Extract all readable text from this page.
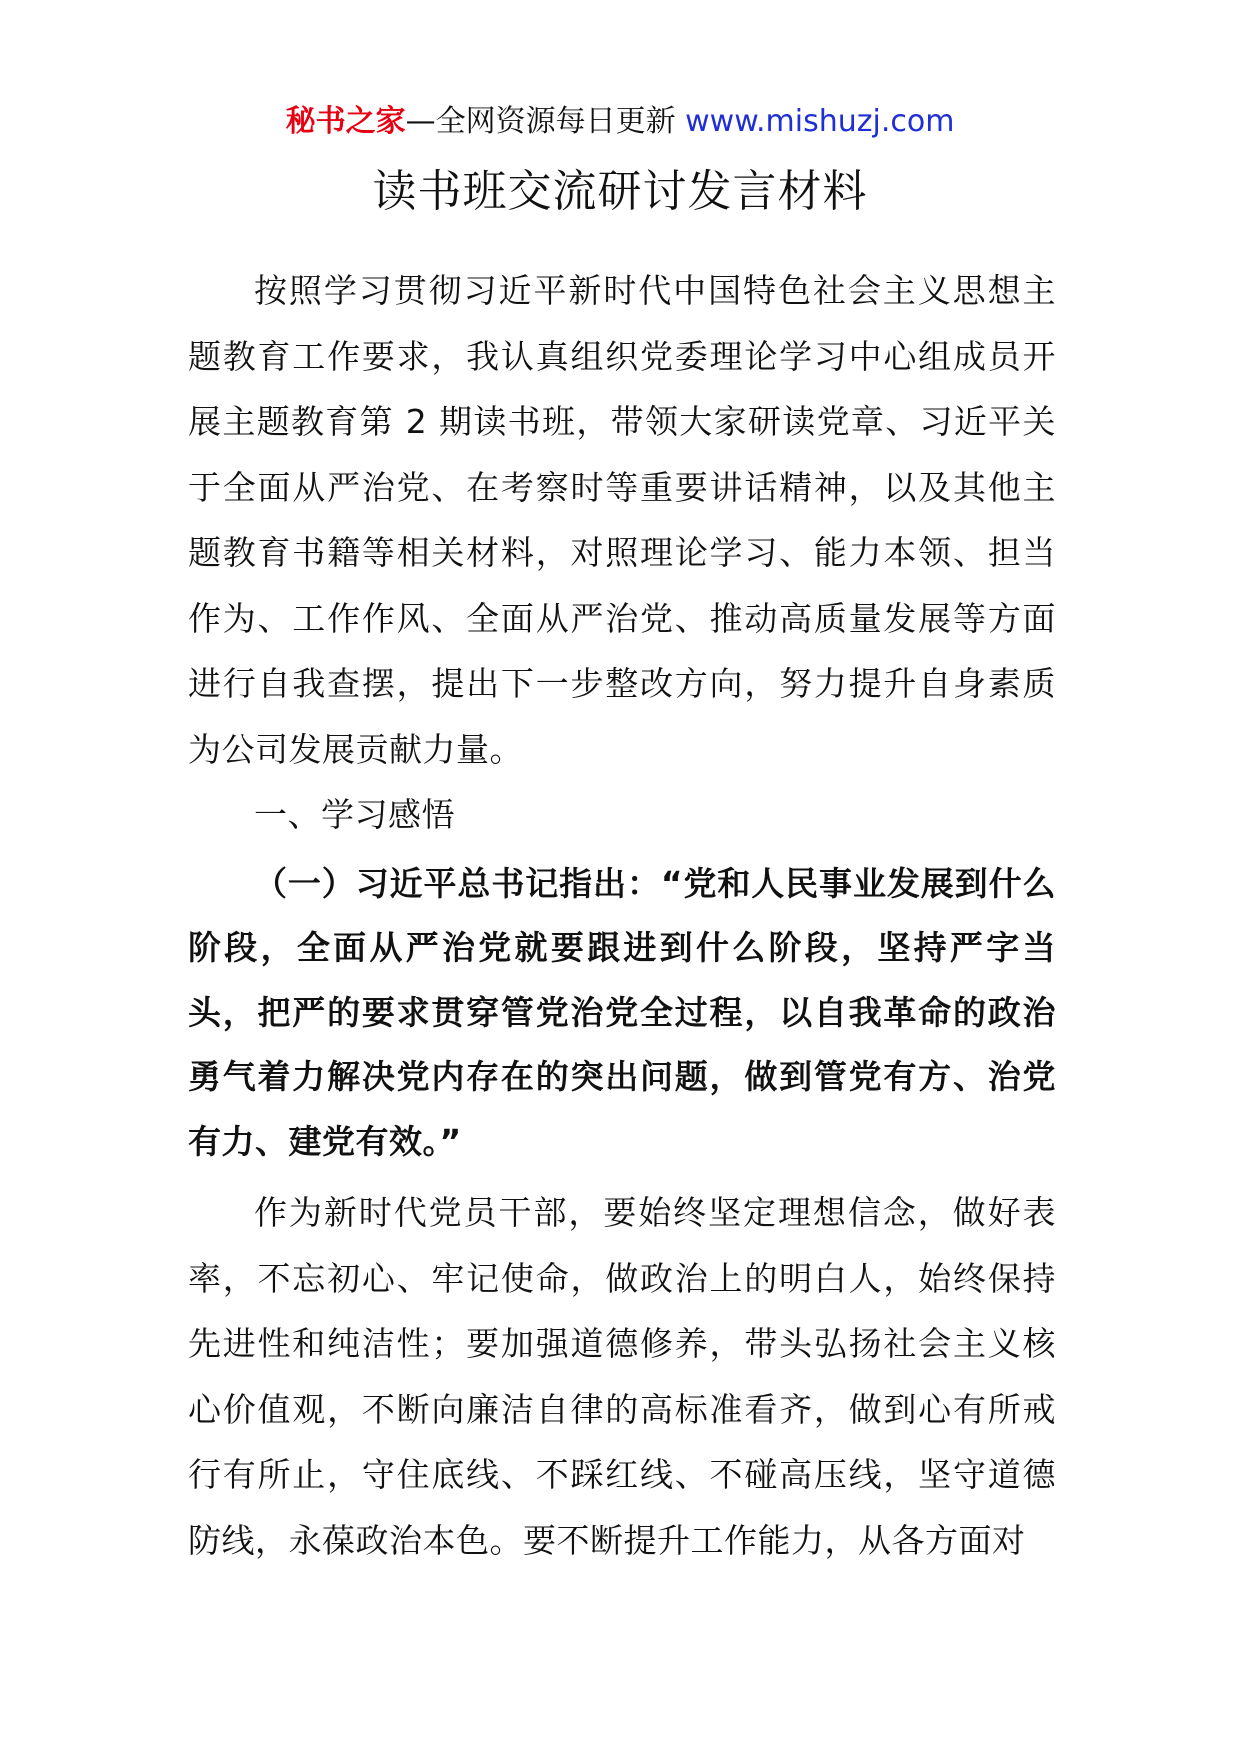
秘书之家—全网资源每日更新 www.mishuzj.com
读书班交流研讨发言材料

按照学习贯彻习近平新时代中国特色社会主义思想主题教育工作要求，我认真组织党委理论学习中心组成员开展主题教育第 2 期读书班，带领大家研读党章、习近平关于全面从严治党、在考察时等重要讲话精神，以及其他主题教育书籍等相关材料，对照理论学习、能力本领、担当作为、工作作风、全面从严治党、推动高质量发展等方面进行自我查摆，提出下一步整改方向，努力提升自身素质为公司发展贡献力量。

一、学习感悟

（一）习近平总书记指出：“党和人民事业发展到什么阶段，全面从严治党就要跟进到什么阶段，坚持严字当头，把严的要求贯穿管党治党全过程，以自我革命的政治勇气着力解决党内存在的突出问题，做到管党有方、治党有力、建党有效。”

作为新时代党员干部，要始终坚定理想信念，做好表率，不忘初心、牢记使命，做政治上的明白人，始终保持先进性和纯洁性；要加强道德修养，带头弘扬社会主义核心价值观，不断向廉洁自律的高标准看齐，做到心有所戒行有所止，守住底线、不踩红线、不碰高压线，坚守道德防线，永葆政治本色。要不断提升工作能力，从各方面对
